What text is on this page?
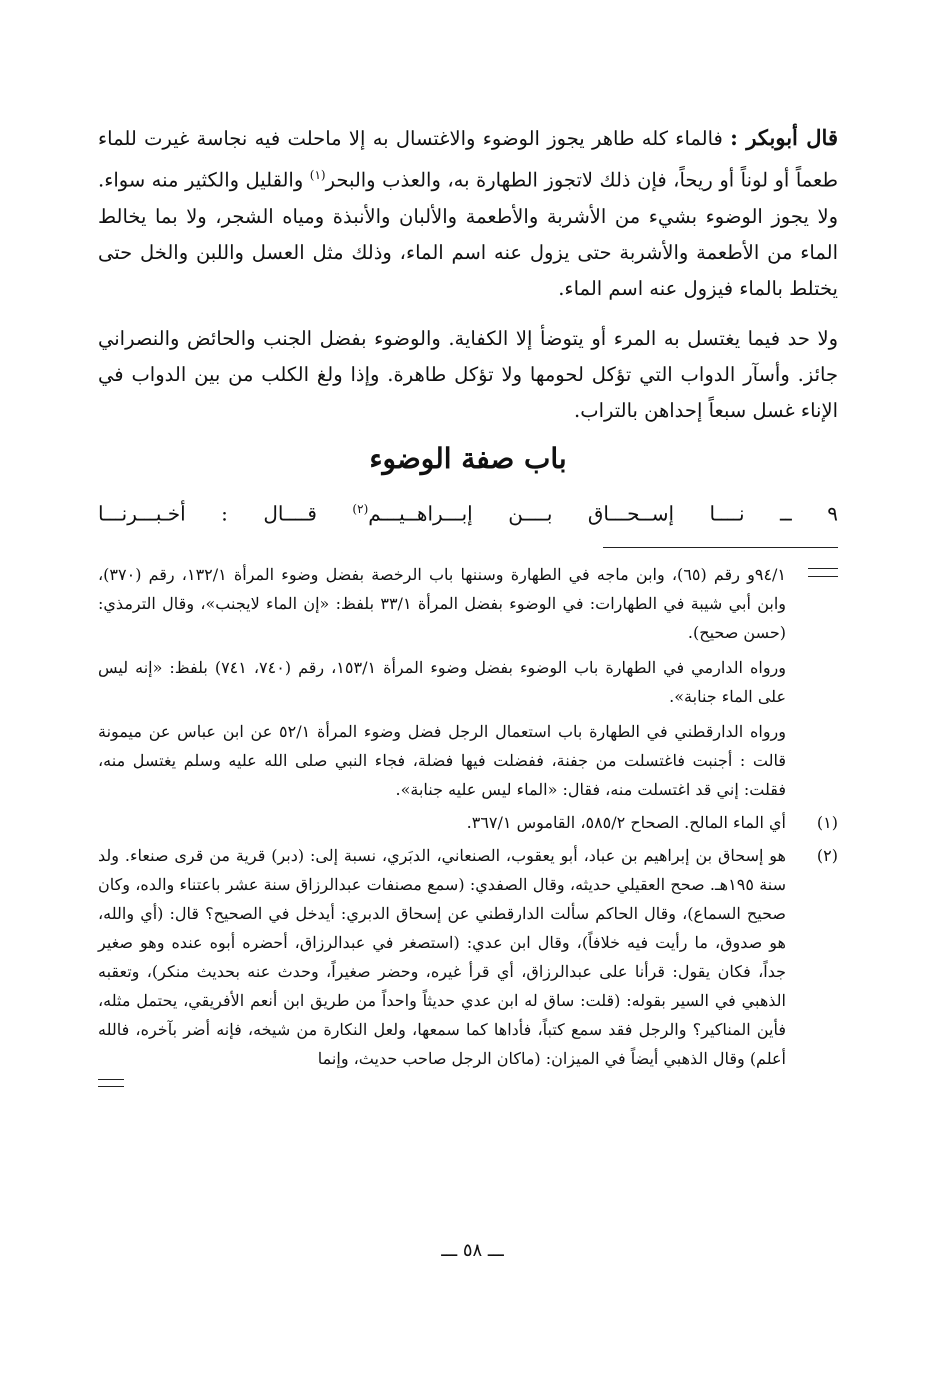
قال أبوبكر : فالماء كله طاهر يجوز الوضوء والاغتسال به إلا ماحلت فيه نجاسة غيرت للماء طعماً أو لوناً أو ريحاً، فإن ذلك لاتجوز الطهارة به، والعذب والبحر$^{(١)}$ والقليل والكثير منه سواء. ولا يجوز الوضوء بشيء من الأشربة والأطعمة والألبان والأنبذة ومياه الشجر، ولا بما يخالط الماء من الأطعمة والأشربة حتى يزول عنه اسم الماء، وذلك مثل العسل واللبن والخل حتى يختلط بالماء فيزول عنه اسم الماء.

ولا حد فيما يغتسل به المرء أو يتوضأ إلا الكفاية. والوضوء بفضل الجنب والحائض والنصراني جائز. وأسآر الدواب التي تؤكل لحومها ولا تؤكل طاهرة. وإذا ولغ الكلب من بين الدواب في الإناء غسل سبعاً إحداهن بالتراب.

باب صفة الوضوء
٩ ــ نــــا إســحـــاق بــــن إبـــراهــيـــم$^{(٢)}$ قــــال : أخـبـــرنـــا

٩٤/١و رقم (٦٥)، وابن ماجه في الطهارة وسننها باب الرخصة بفضل وضوء المرأة ١٣٢/١، رقم (٣٧٠)، وابن أبي شيبة في الطهارات: في الوضوء بفضل المرأة ٣٣/١ بلفظ: «إن الماء لايجنب»، وقال الترمذي: (حسن صحيح).

ورواه الدارمي في الطهارة باب الوضوء بفضل وضوء المرأة ١٥٣/١، رقم (٧٤٠، ٧٤١) بلفظ: «إنه ليس على الماء جنابة».

ورواه الدارقطني في الطهارة باب استعمال الرجل فضل وضوء المرأة ٥٢/١ عن ابن عباس عن ميمونة قالت : أجنبت فاغتسلت من جفنة، ففضلت فيها فضلة، فجاء النبي صلى الله عليه وسلم يغتسل منه، فقلت: إني قد اغتسلت منه، فقال: «الماء ليس عليه جنابة».

(١)
أي الماء المالح. الصحاح ٥٨٥/٢، القاموس ٣٦٧/١.
(٢)
هو إسحاق بن إبراهيم بن عباد، أبو يعقوب، الصنعاني، الدبَري، نسبة إلى: (دبر) قرية من قرى صنعاء. ولد سنة ١٩٥هـ. صحح العقيلي حديثه، وقال الصفدي: (سمع مصنفات عبدالرزاق سنة عشر باعتناء والده، وكان صحيح السماع)، وقال الحاكم سألت الدارقطني عن إسحاق الدبري: أيدخل في الصحيح؟ قال: (أي والله، هو صدوق، ما رأيت فيه خلافاً)، وقال ابن عدي: (استصغر في عبدالرزاق، أحضره أبوه عنده وهو صغير جداً، فكان يقول: قرأنا على عبدالرزاق، أي قرأ غيره، وحضر صغيراً، وحدث عنه بحديث منكر)، وتعقبه الذهبي في السير بقوله: (قلت: ساق له ابن عدي حديثاً واحداً من طريق ابن أنعم الأفريقي، يحتمل مثله، فأين المناكير؟ والرجل فقد سمع كتباً، فأداها كما سمعها، ولعل النكارة من شيخه، فإنه أضر بآخره، فالله أعلم) وقال الذهبي أيضاً في الميزان: (ماكان الرجل صاحب حديث، وإنما
ـــ ٥٨ ـــ
